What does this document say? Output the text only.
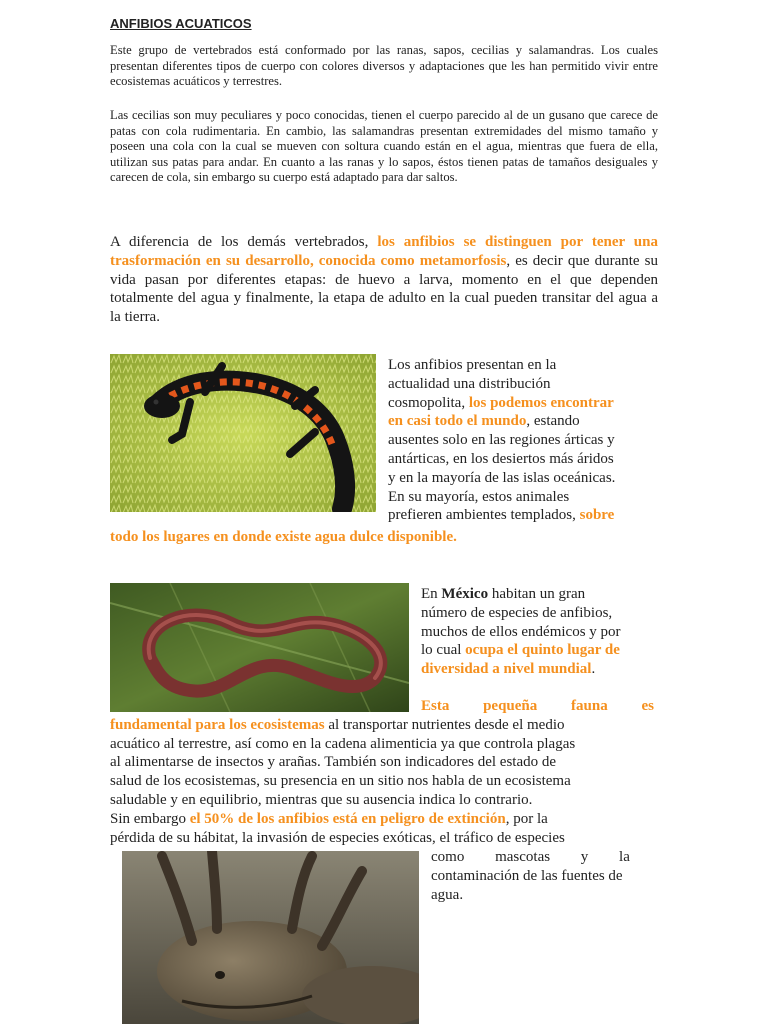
ANFIBIOS ACUATICOS

Este grupo de vertebrados está conformado por las ranas, sapos, cecilias y salamandras. Los cuales presentan diferentes tipos de cuerpo con colores diversos y adaptaciones que les han permitido vivir entre ecosistemas acuáticos y terrestres.

Las cecilias son muy peculiares y poco conocidas, tienen el cuerpo parecido al de un gusano que carece de patas con cola rudimentaria. En cambio, las salamandras presentan extremidades del mismo tamaño y poseen una cola con la cual se mueven con soltura cuando están en el agua, mientras que fuera de ella, utilizan sus patas para andar. En cuanto a las ranas y lo sapos, éstos tienen patas de tamaños desiguales y carecen de cola, sin embargo su cuerpo está adaptado para dar saltos.

A diferencia de los demás vertebrados, los anfibios se distinguen por tener una trasformación en su desarrollo, conocida como metamorfosis, es decir que durante su vida pasan por diferentes etapas: de huevo a larva, momento en el que dependen totalmente del agua y finalmente, la etapa de adulto en la cual pueden transitar del agua a la tierra.

Los anfibios presentan en la
actualidad una distribución
cosmopolita, los podemos encontrar
en casi todo el mundo, estando
ausentes solo en las regiones árticas y
antárticas, en los desiertos más áridos
y en la mayoría de las islas oceánicas.
En su mayoría, estos animales
prefieren ambientes templados, sobre
todo los lugares en donde existe agua dulce disponible.
En México habitan un gran
número de especies de anfibios,
muchos de ellos endémicos y por
lo cual ocupa el quinto lugar de
diversidad a nivel mundial.
Esta pequeña fauna es
fundamental para los ecosistemas al transportar nutrientes desde el medio
acuático al terrestre, así como en la cadena alimenticia ya que controla plagas
al alimentarse de insectos y arañas. También son indicadores del estado de
salud de los ecosistemas, su presencia en un sitio nos habla de un ecosistema
saludable y en equilibrio, mientras que su ausencia indica lo contrario.
Sin embargo el 50% de los anfibios está en peligro de extinción, por la
pérdida de su hábitat, la invasión de especies exóticas, el tráfico de especies
como mascotas y la
contaminación de las fuentes de
agua.
